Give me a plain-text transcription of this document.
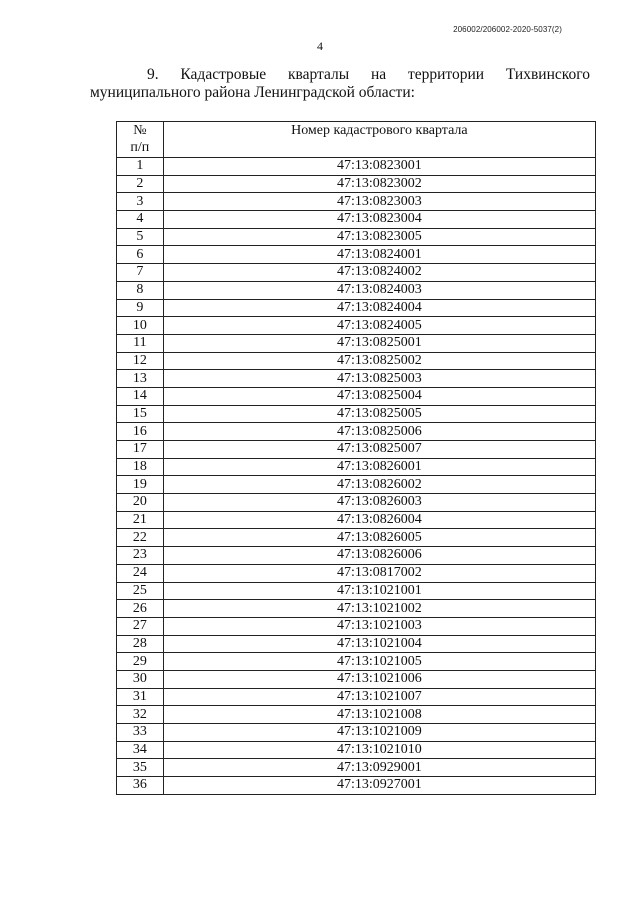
206002/206002-2020-5037(2)
4
9. Кадастровые кварталы на территории Тихвинского
муниципального района Ленинградской области:
№
п/п	Номер кадастрового квартала
1	47:13:0823001
2	47:13:0823002
3	47:13:0823003
4	47:13:0823004
5	47:13:0823005
6	47:13:0824001
7	47:13:0824002
8	47:13:0824003
9	47:13:0824004
10	47:13:0824005
11	47:13:0825001
12	47:13:0825002
13	47:13:0825003
14	47:13:0825004
15	47:13:0825005
16	47:13:0825006
17	47:13:0825007
18	47:13:0826001
19	47:13:0826002
20	47:13:0826003
21	47:13:0826004
22	47:13:0826005
23	47:13:0826006
24	47:13:0817002
25	47:13:1021001
26	47:13:1021002
27	47:13:1021003
28	47:13:1021004
29	47:13:1021005
30	47:13:1021006
31	47:13:1021007
32	47:13:1021008
33	47:13:1021009
34	47:13:1021010
35	47:13:0929001
36	47:13:0927001
